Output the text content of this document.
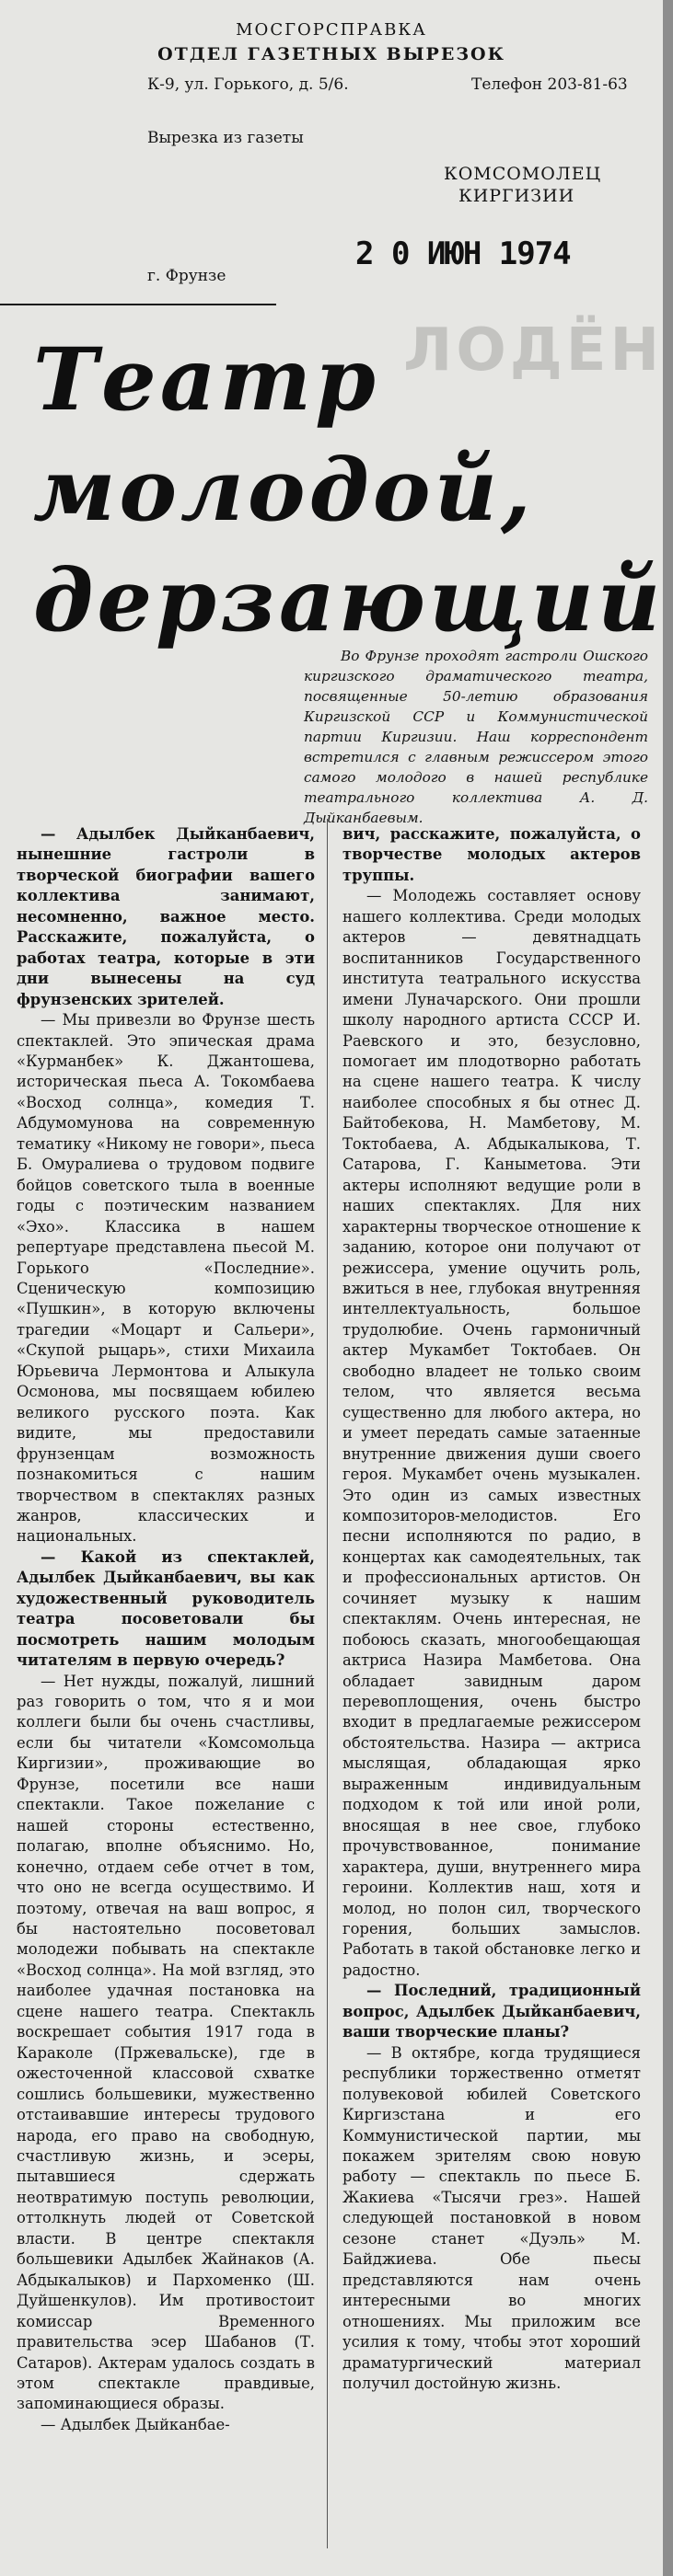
МОСГОРСПРАВКА
ОТДЕЛ ГАЗЕТНЫХ ВЫРЕЗОК
К-9, ул. Горького, д. 5/6.	Телефон 203-81-63
Вырезка из газеты
КОМСОМОЛЕЦ
КИРГИЗИИ
2 0 ИЮН 1974
г. Фрунзе
ЛОДЁН
Театр
молодой,
дерзающий
Во Фрунзе проходят гастроли Ошского киргизского драматического театра, посвященные 50-летию образования Киргизской ССР и Коммунистической партии Киргизии. Наш корреспондент встретился с главным режиссером этого самого молодого в нашей республике театрального коллектива А. Д. Дыйканбаевым.

— Адылбек Дыйканбаевич, нынешние гастроли в творческой биографии вашего коллектива занимают, несомненно, важное место. Расскажите, пожалуйста, о работах театра, которые в эти дни вынесены на суд фрунзенских зрителей.

— Мы привезли во Фрунзе шесть спектаклей. Это эпическая драма «Курманбек» К. Джантошева, историческая пьеса А. Токомбаева «Восход солнца», комедия Т. Абдумомунова на современную тематику «Никому не говори», пьеса Б. Омуралиева о трудовом подвиге бойцов советского тыла в военные годы с поэтическим названием «Эхо». Классика в нашем репертуаре представлена пьесой М. Горького «Последние». Сценическую композицию «Пушкин», в которую включены трагедии «Моцарт и Сальери», «Скупой рыцарь», стихи Михаила Юрьевича Лермонтова и Алыкула Осмонова, мы посвящаем юбилею великого русского поэта. Как видите, мы предоставили фрунзенцам возможность познакомиться с нашим творчеством в спектаклях разных жанров, классических и национальных.

— Какой из спектаклей, Адылбек Дыйканбаевич, вы как художественный руководитель театра посоветовали бы посмотреть нашим молодым читателям в первую очередь?

— Нет нужды, пожалуй, лишний раз говорить о том, что я и мои коллеги были бы очень счастливы, если бы читатели «Комсомольца Киргизии», проживающие во Фрунзе, посетили все наши спектакли. Такое пожелание с нашей стороны естественно, полагаю, вполне объяснимо. Но, конечно, отдаем себе отчет в том, что оно не всегда осуществимо. И поэтому, отвечая на ваш вопрос, я бы настоятельно посоветовал молодежи побывать на спектакле «Восход солнца». На мой взгляд, это наиболее удачная постановка на сцене нашего театра. Спектакль воскрешает события 1917 года в Караколе (Пржевальске), где в ожесточенной классовой схватке сошлись большевики, мужественно отстаивавшие интересы трудового народа, его право на свободную, счастливую жизнь, и эсеры, пытавшиеся сдержать неотвратимую поступь революции, оттолкнуть людей от Советской власти. В центре спектакля большевики Адылбек Жайнаков (А. Абдыкалыков) и Пархоменко (Ш. Дуйшенкулов). Им противостоит комиссар Временного правительства эсер Шабанов (Т. Сатаров). Актерам удалось создать в этом спектакле правдивые, запоминающиеся образы.

— Адылбек Дыйканбае-

вич, расскажите, пожалуйста, о творчестве молодых актеров труппы.

— Молодежь составляет основу нашего коллектива. Среди молодых актеров — девятнадцать воспитанников Государственного института театрального искусства имени Луначарского. Они прошли школу народного артиста СССР И. Раевского и это, безусловно, помогает им плодотворно работать на сцене нашего театра. К числу наиболее способных я бы отнес Д. Байтобекова, Н. Мамбетову, М. Токтобаева, А. Абдыкалыкова, Т. Сатарова, Г. Каныметова. Эти актеры исполняют ведущие роли в наших спектаклях. Для них характерны творческое отношение к заданию, которое они получают от режиссера, умение оцучить роль, вжиться в нее, глубокая внутренняя интеллектуальность, большое трудолюбие. Очень гармоничный актер Мукамбет Токтобаев. Он свободно владеет не только своим телом, что является весьма существенно для любого актера, но и умеет передать самые затаенные внутренние движения души своего героя. Мукамбет очень музыкален. Это один из самых известных композиторов-мелодистов. Его песни исполняются по радио, в концертах как самодеятельных, так и профессиональных артистов. Он сочиняет музыку к нашим спектаклям. Очень интересная, не побоюсь сказать, многообещающая актриса Назира Мамбетова. Она обладает завидным даром перевоплощения, очень быстро входит в предлагаемые режиссером обстоятельства. Назира — актриса мыслящая, обладающая ярко выраженным индивидуальным подходом к той или иной роли, вносящая в нее свое, глубоко прочувствованное, понимание характера, души, внутреннего мира героини. Коллектив наш, хотя и молод, но полон сил, творческого горения, больших замыслов. Работать в такой обстановке легко и радостно.

— Последний, традиционный вопрос, Адылбек Дыйканбаевич, ваши творческие планы?

— В октябре, когда трудящиеся республики торжественно отметят полувековой юбилей Советского Киргизстана и его Коммунистической партии, мы покажем зрителям свою новую работу — спектакль по пьесе Б. Жакиева «Тысячи грез». Нашей следующей постановкой в новом сезоне станет «Дуэль» М. Байджиева. Обе пьесы представляются нам очень интересными во многих отношениях. Мы приложим все усилия к тому, чтобы этот хороший драматургический материал получил достойную жизнь.
